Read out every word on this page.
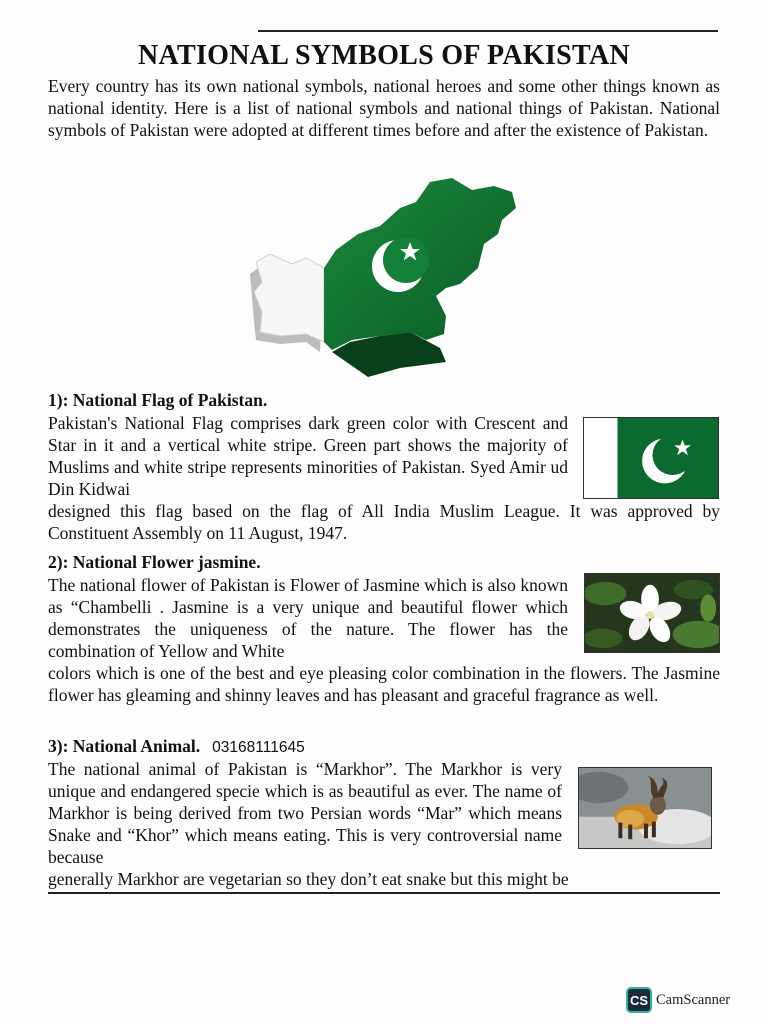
NATIONAL SYMBOLS OF PAKISTAN
Every country has its own national symbols, national heroes and some other things known as national identity. Here is a list of national symbols and national things of Pakistan. National symbols of Pakistan were adopted at different times before and after the existence of Pakistan.
1): National Flag of Pakistan.
Pakistan's National Flag comprises dark green color with Crescent and Star in it and a vertical white stripe. Green part shows the majority of Muslims and white stripe represents minorities of Pakistan. Syed Amir ud Din Kidwai
designed this flag based on the flag of All India Muslim League. It was approved by Constituent Assembly on 11 August, 1947.
2): National Flower jasmine.
The national flower of Pakistan is Flower of Jasmine which is also known as “Chambelli . Jasmine is a very unique and beautiful flower which demonstrates the uniqueness of the nature. The flower has the combination of Yellow and White
colors which is one of the best and eye pleasing color combination in the flowers. The Jasmine flower has gleaming and shinny leaves and has pleasant and graceful fragrance as well.
3): National Animal. 03168111645
The national animal of Pakistan is “Markhor”. The Markhor is very unique and endangered specie which is as beautiful as ever. The name of Markhor is being derived from two Persian words “Mar” which means Snake and “Khor” which means eating. This is very controversial name because
generally Markhor are vegetarian so they don’t eat snake but this might be
CS CamScanner
